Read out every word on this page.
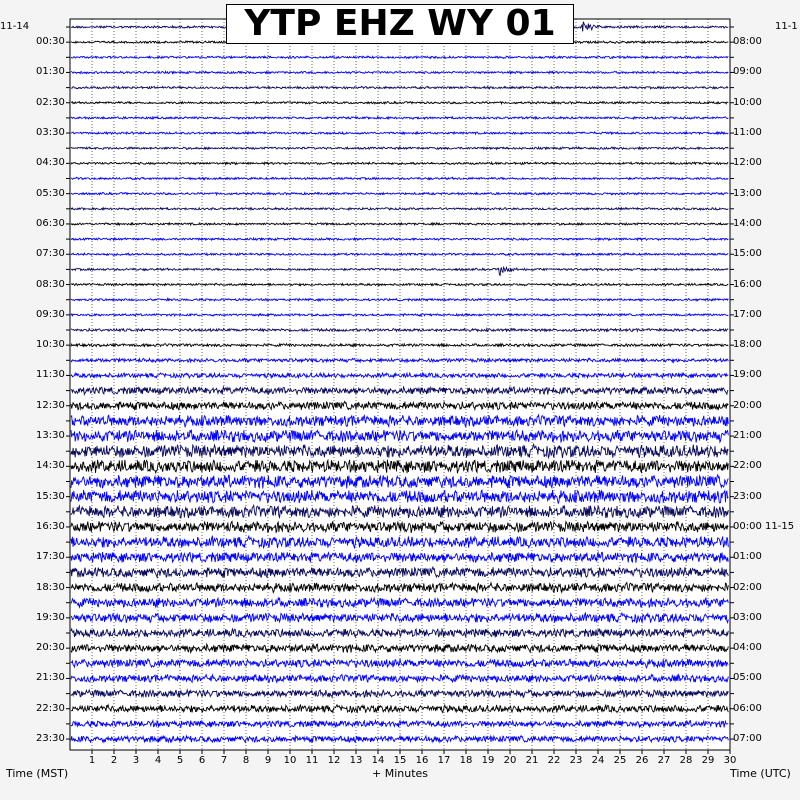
YTP EHZ WY 01
11-14	11-1
00:30
01:30
02:30
03:30
04:30
05:30
06:30
07:30
08:30
09:30
10:30
11:30
12:30
13:30
14:30
15:30
16:30
17:30
18:30
19:30
20:30
21:30
22:30
23:30
08:00
09:00
10:00
11:00
12:00
13:00
14:00
15:00
16:00
17:00
18:00
19:00
20:00
21:00
22:00
23:00
00:00 11-15
01:00
02:00
03:00
04:00
05:00
06:00
07:00
1	2	3	4	5	6	7	8	9	10 11 12 13 14 15 16 17 18 19 20 21 22 23 24 25 26 27 28 29 30
Time (MST)	+ Minutes	Time (UTC)
